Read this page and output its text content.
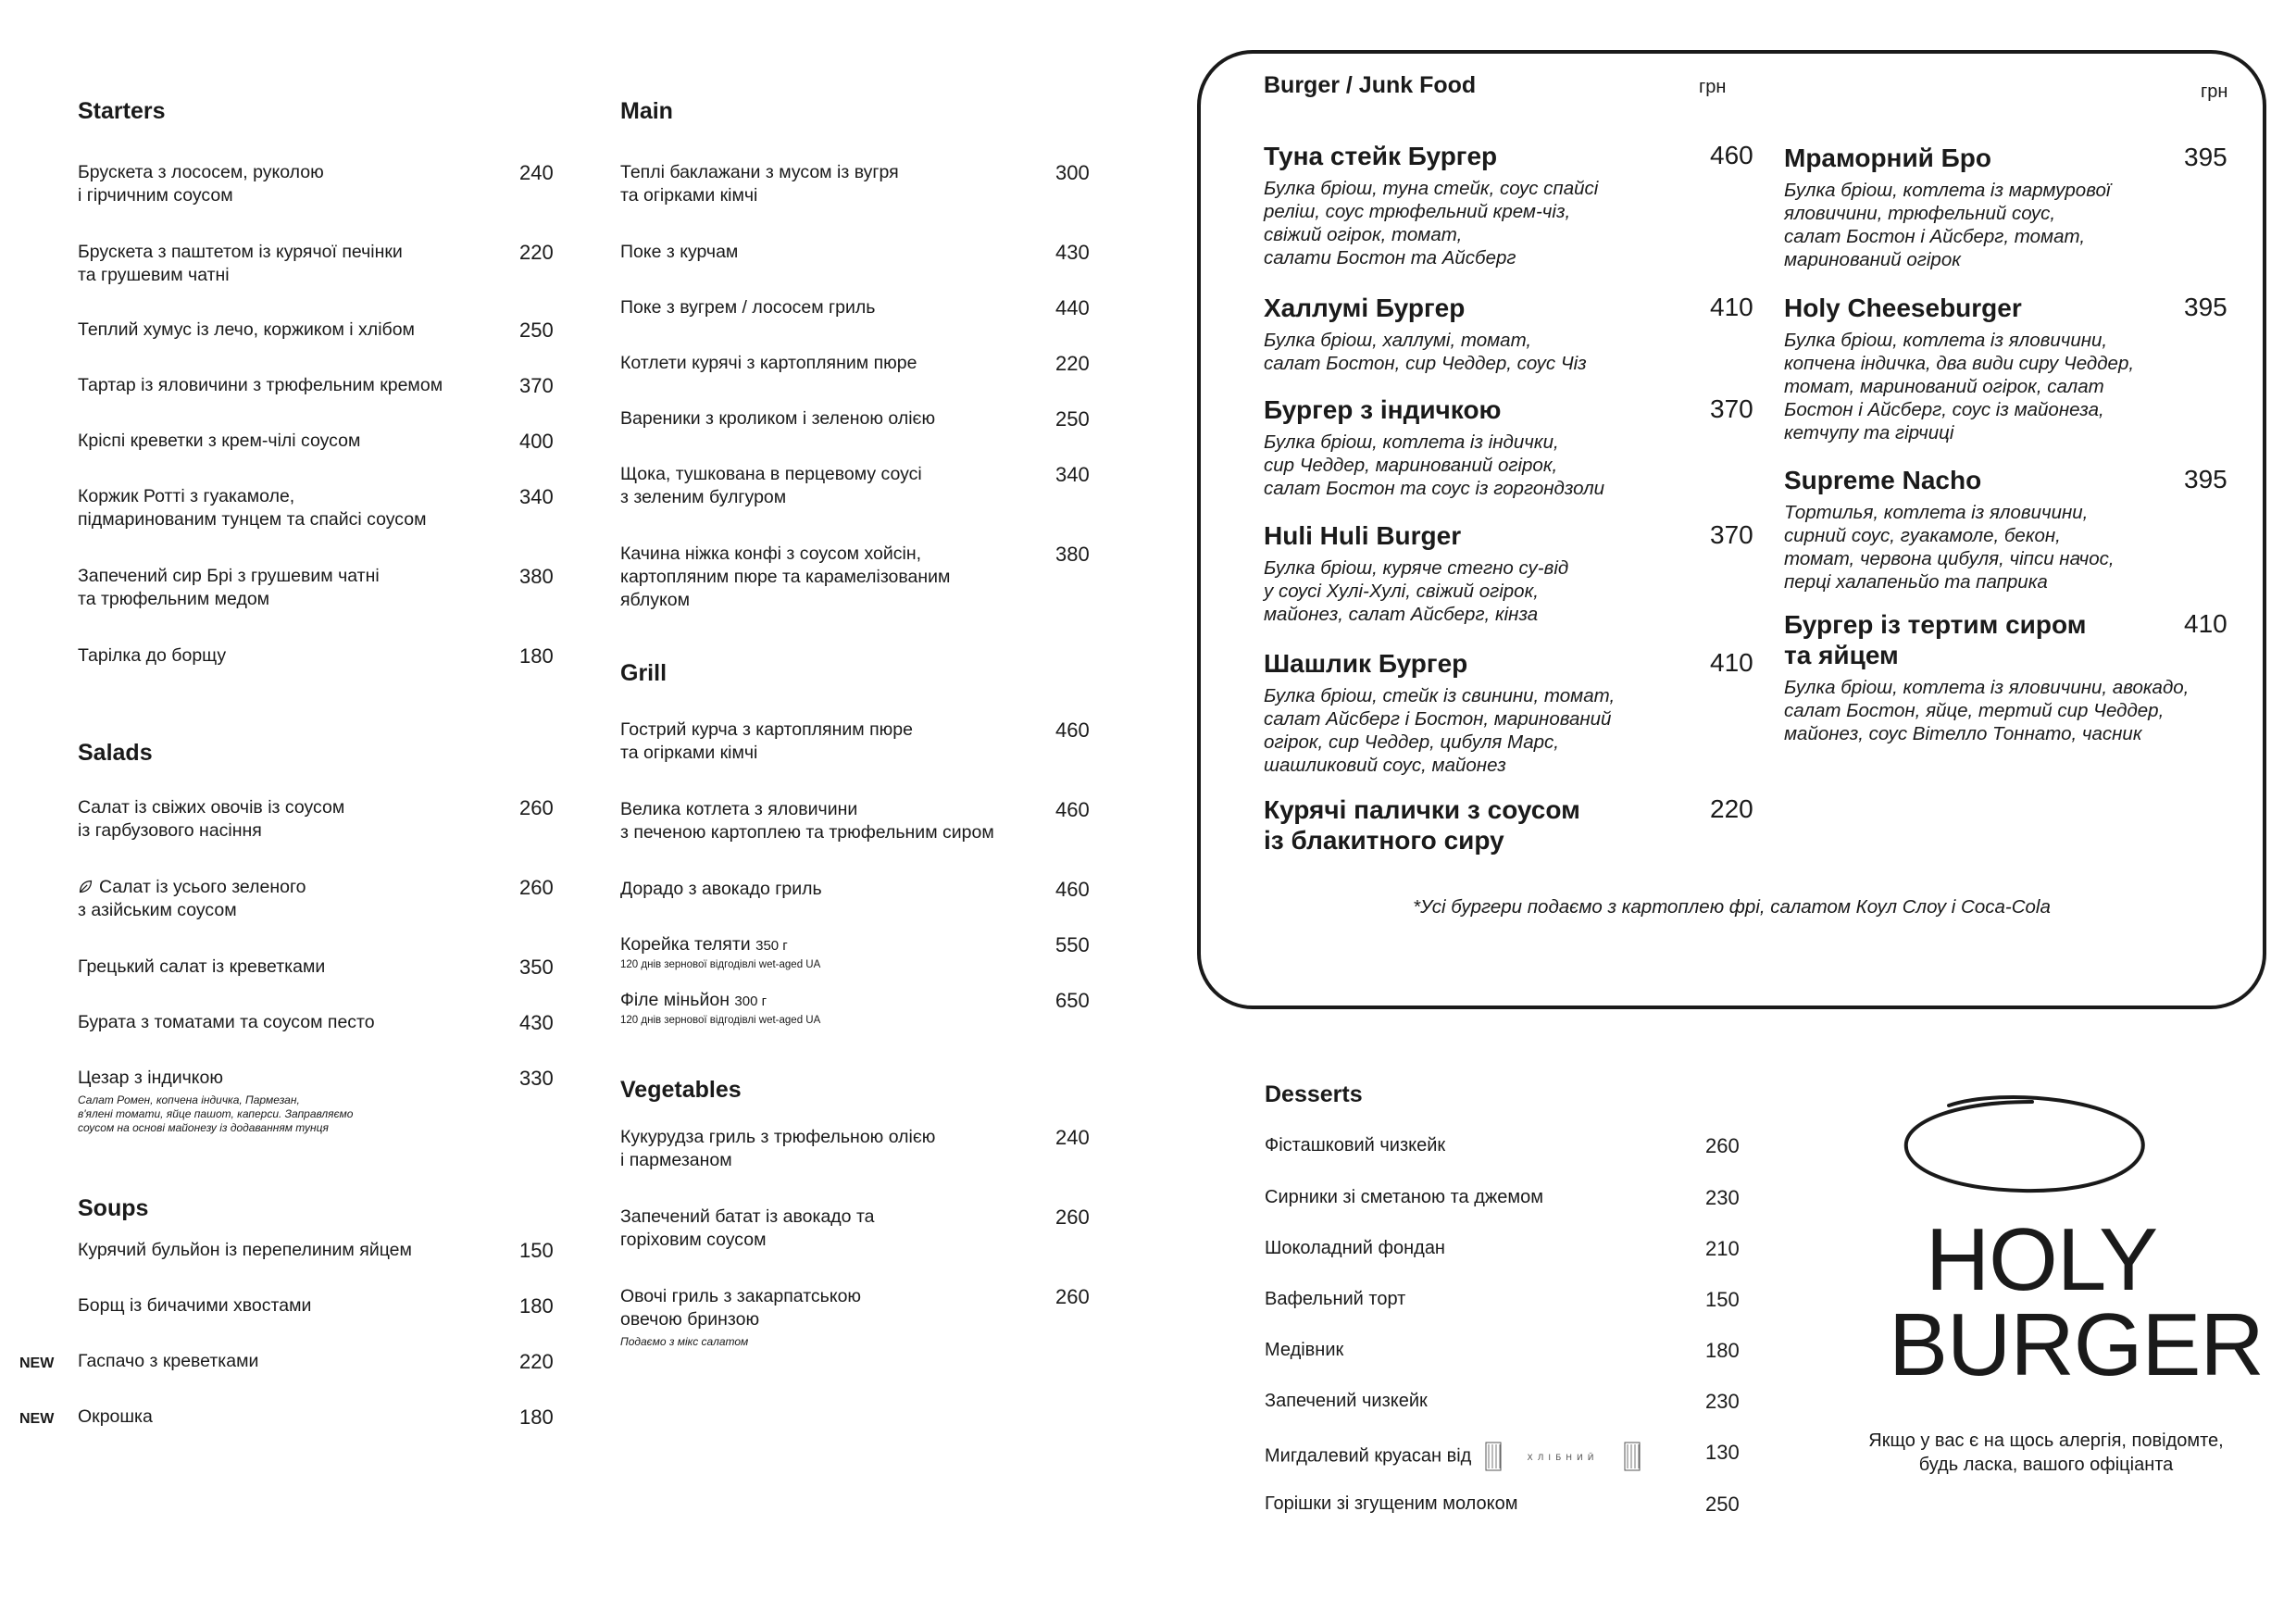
Starters
Брускета з лососем, руколою
і гірчичним соусом
240
Брускета з паштетом із курячої печінки
та грушевим чатні
220
Теплий хумус із лечо, коржиком і хлібом	250
Тартар із яловичини з трюфельним кремом	370
Кріспі креветки з крем-чілі соусом	400
Коржик Ротті з гуакамоле,
підмаринованим тунцем та спайсі соусом
340
Запечений сир Брі з грушевим чатні
та трюфельним медом
380
Тарілка до борщу	180
Salads
Салат із свіжих овочів із соусом
із гарбузового насіння
260
Салат із усього зеленого
з азійським соусом
260
Грецький салат із креветками	350
Бурата з томатами та соусом песто	430
Цезар з індичкою
Салат Ромен, копчена індичка, Пармезан,
в'ялені томати, яйце пашот, каперси. Заправляємо
соусом на основі майонезу із додаванням тунця
330
Soups
Курячий бульйон із перепелиним яйцем	150
Борщ із бичачими хвостами	180
NEW Гаспачо з креветками	220
NEW Окрошка	180
Main
Теплі баклажани з мусом із вугря
та огірками кімчі
300
Поке з курчам	430
Поке з вугрем / лососем гриль	440
Котлети курячі з картопляним пюре	220
Вареники з кроликом і зеленою олією	250
Щока, тушкована в перцевому соусі
з зеленим булгуром
340
Качина ніжка конфі з соусом хойсін,
картопляним пюре та карамелізованим
яблуком
380
Grill
Гострий курча з картопляним пюре
та огірками кімчі
460
Велика котлета з яловичини
з печеною картоплею та трюфельним сиром
460
Дорадо з авокадо гриль	460
Корейка теляти 350 г
120 днів зернової відгодівлі wet-aged UA
550
Філе міньйон 300 г
120 днів зернової відгодівлі wet-aged UA
650
Vegetables
Кукурудза гриль з трюфельною олією
і пармезаном
240
Запечений батат із авокадо та
горіховим соусом
260
Овочі гриль з закарпатською
овечою бринзою
Подаємо з мікс салатом
260
Burger / Junk Food	грн	грн
Туна стейк Бургер	460
Булка бріош, туна стейк, соус спайсі
реліш, соус трюфельний крем-чіз,
свіжий огірок, томат,
салати Бостон та Айсберг
Халлумі Бургер	410
Булка бріош, халлумі, томат,
салат Бостон, сир Чеддер, соус Чіз
Бургер з індичкою	370
Булка бріош, котлета із індички,
сир Чеддер, маринований огірок,
салат Бостон та соус із горгондзоли
Huli Huli Burger	370
Булка бріош, куряче стегно су-від
у соусі Хулі-Хулі, свіжий огірок,
майонез, салат Айсберг, кінза
Шашлик Бургер	410
Булка бріош, стейк із свинини, томат,
салат Айсберг і Бостон, маринований
огірок, сир Чеддер, цибуля Марс,
шашликовий соус, майонез
Курячі палички з соусом
із блакитного сиру
220
Мраморний Бро	395
Булка бріош, котлета із мармурової
яловичини, трюфельний соус,
салат Бостон і Айсберг, томат,
маринований огірок
Holy Cheeseburger	395
Булка бріош, котлета із яловичини,
копчена індичка, два види сиру Чеддер,
томат, маринований огірок, салат
Бостон і Айсберг, соус із майонеза,
кетчупу та гірчиці
Supreme Nacho	395
Тортилья, котлета із яловичини,
сирний соус, гуакамоле, бекон,
томат, червона цибуля, чіпси начос,
перці халапеньйо та паприка
Бургер із тертим сиром
та яйцем
410
Булка бріош, котлета із яловичини, авокадо,
салат Бостон, яйце, тертий сир Чеддер,
майонез, соус Вітелло Тоннато, часник
*Усі бургери подаємо з картоплею фрі, салатом Коул Слоу і Coca-Cola
Desserts
Фісташковий чизкейк	260
Сирники зі сметаною та джемом	230
Шоколадний фондан	210
Вафельний торт	150
Медівник	180
Запечений чизкейк	230
Мигдалевий круасан від	ХЛІБНИЙ	130
Горішки зі згущеним молоком	250
HOLY
BURGER
Якщо у вас є на щось алергія, повідомте,
будь ласка, вашого офіціанта
